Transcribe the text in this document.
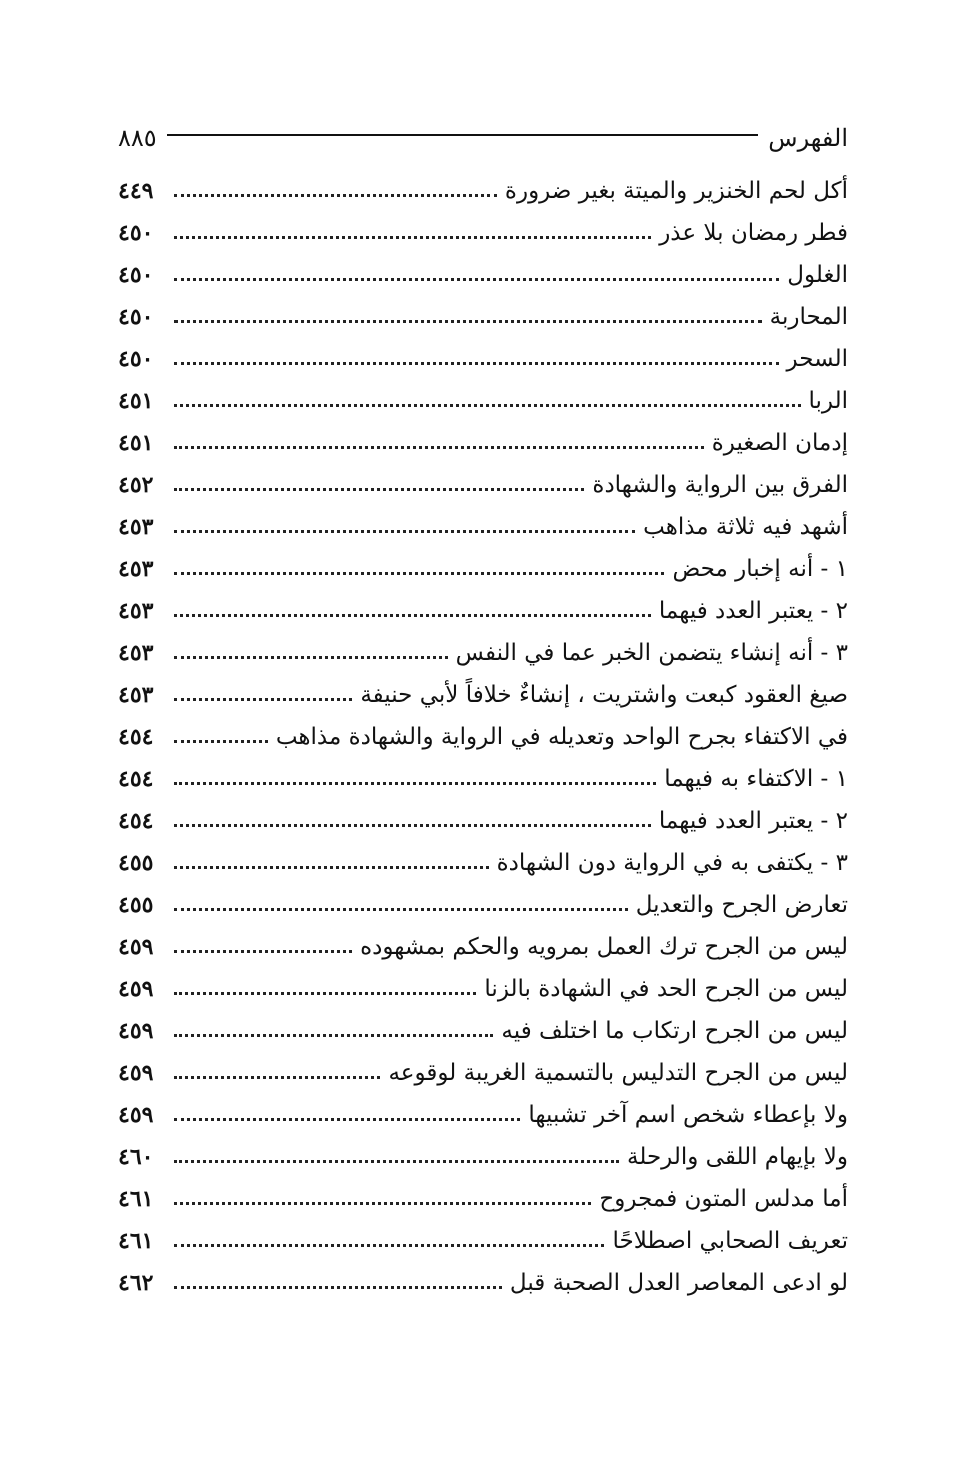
الفهرس
٨٨٥
أكل لحم الخنزير والميتة بغير ضرورة
٤٤٩
فطر رمضان بلا عذر
٤٥٠
الغلول
٤٥٠
المحاربة
٤٥٠
السحر
٤٥٠
الربا
٤٥١
إدمان الصغيرة
٤٥١
الفرق بين الرواية والشهادة
٤٥٢
أشهد فيه ثلاثة مذاهب
٤٥٣
١ - أنه إخبار محض
٤٥٣
٢ - يعتبر العدد فيهما
٤٥٣
٣ - أنه إنشاء يتضمن الخبر عما في النفس
٤٥٣
صيغ العقود كبعت واشتريت ، إنشاءٌ خلافاً لأبي حنيفة
٤٥٣
في الاكتفاء بجرح الواحد وتعديله في الرواية والشهادة مذاهب
٤٥٤
١ - الاكتفاء به فيهما
٤٥٤
٢ - يعتبر العدد فيهما
٤٥٤
٣ - يكتفى به في الرواية دون الشهادة
٤٥٥
تعارض الجرح والتعديل
٤٥٥
ليس من الجرح ترك العمل بمرويه والحكم بمشهوده
٤٥٩
ليس من الجرح الحد في الشهادة بالزنا
٤٥٩
ليس من الجرح ارتكاب ما اختلف فيه
٤٥٩
ليس من الجرح التدليس بالتسمية الغريبة لوقوعه
٤٥٩
ولا بإعطاء شخص اسم آخر تشبيها
٤٥٩
ولا بإيهام اللقى والرحلة
٤٦٠
أما مدلس المتون فمجروح
٤٦١
تعريف الصحابي اصطلاحًا
٤٦١
لو ادعى المعاصر العدل الصحبة قبل
٤٦٢
